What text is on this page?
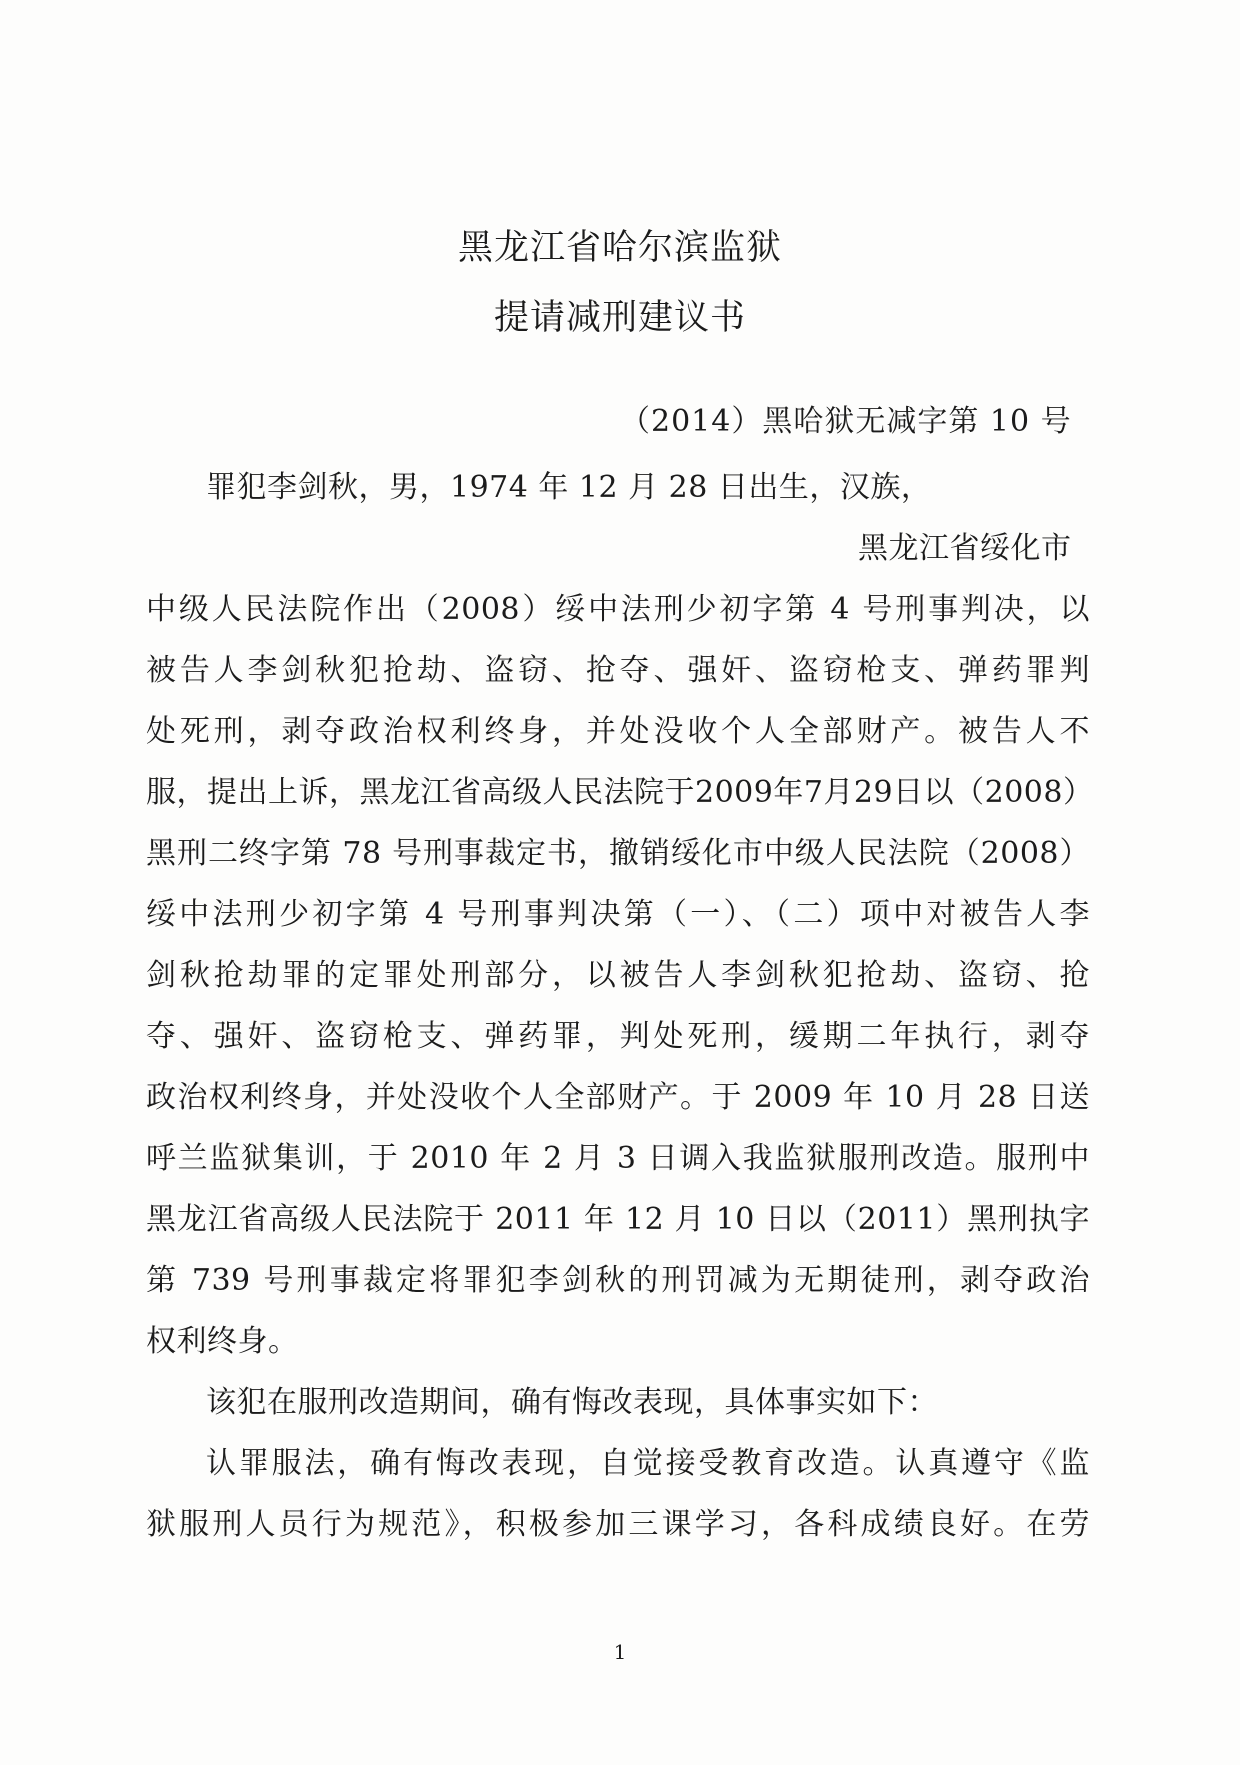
黑龙江省哈尔滨监狱
提请减刑建议书
（2014）黑哈狱无减字第 10 号
罪犯李剑秋，男，1974 年 12 月 28 日出生，汉族，
黑龙江省绥化市
中级人民法院作出（2008）绥中法刑少初字第 4 号刑事判决，以
被告人李剑秋犯抢劫、盗窃、抢夺、强奸、盗窃枪支、弹药罪判
处死刑，剥夺政治权利终身，并处没收个人全部财产。被告人不
服，提出上诉，黑龙江省高级人民法院于2009年7月29日以（2008）
黑刑二终字第 78 号刑事裁定书，撤销绥化市中级人民法院（2008）
绥中法刑少初字第 4 号刑事判决第（一）、（二）项中对被告人李
剑秋抢劫罪的定罪处刑部分，以被告人李剑秋犯抢劫、盗窃、抢
夺、强奸、盗窃枪支、弹药罪，判处死刑，缓期二年执行，剥夺
政治权利终身，并处没收个人全部财产。于 2009 年 10 月 28 日送
呼兰监狱集训，于 2010 年 2 月 3 日调入我监狱服刑改造。服刑中
黑龙江省高级人民法院于 2011 年 12 月 10 日以（2011）黑刑执字
第 739 号刑事裁定将罪犯李剑秋的刑罚减为无期徒刑，剥夺政治
权利终身。
该犯在服刑改造期间，确有悔改表现，具体事实如下：
认罪服法，确有悔改表现，自觉接受教育改造。认真遵守《监
狱服刑人员行为规范》，积极参加三课学习，各科成绩良好。在劳
1
